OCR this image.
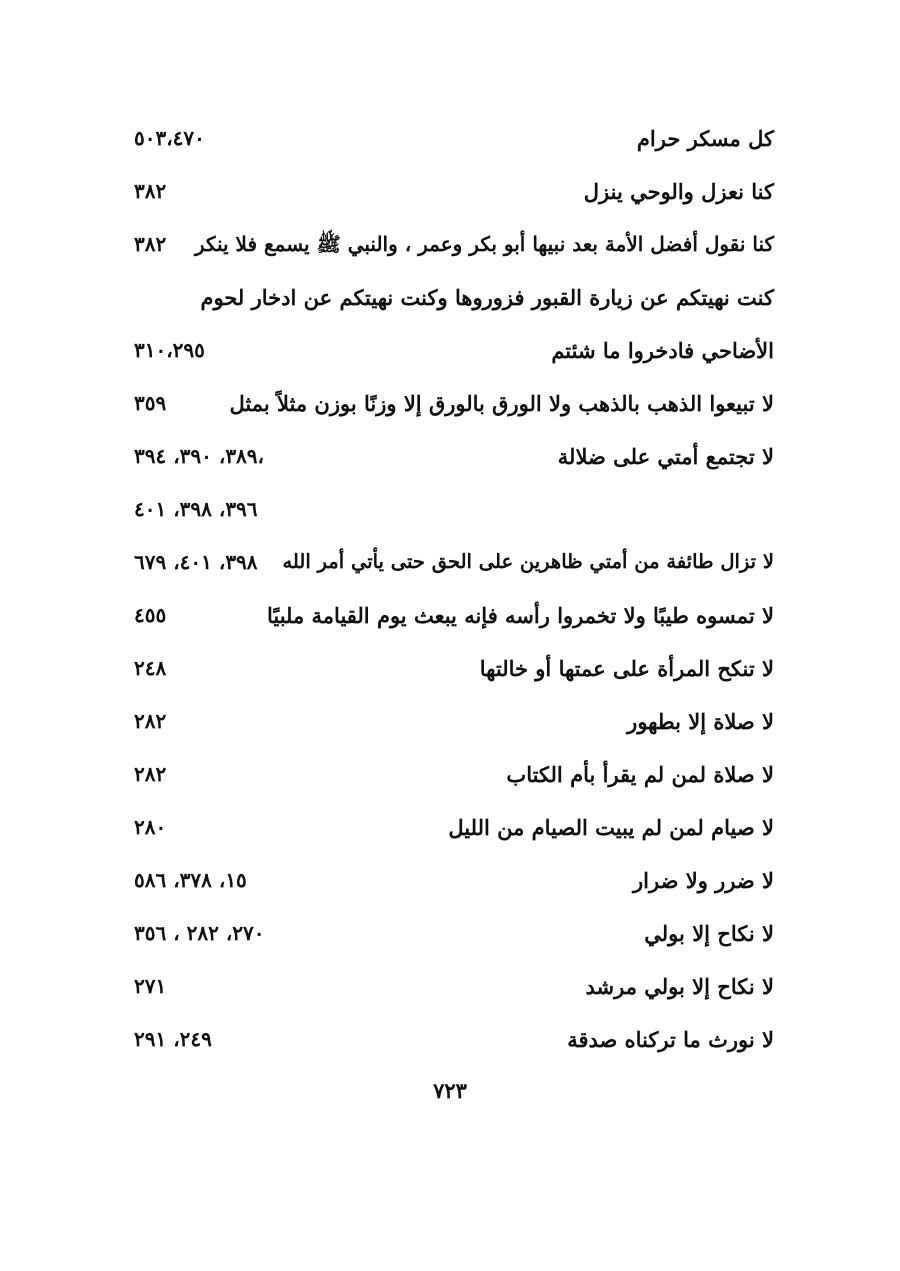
كل مسكر حرام
٥٠٣،٤٧٠
كنا نعزل والوحي ينزل
٣٨٢
كنا نقول أفضل الأمة بعد نبيها أبو بكر وعمر ، والنبي ﷺ يسمع فلا ينكر
٣٨٢
كنت نهيتكم عن زيارة القبور فزوروها وكنت نهيتكم عن ادخار لحوم
الأضاحي فادخروا ما شئتم
٣١٠،٢٩٥
لا تبيعوا الذهب بالذهب ولا الورق بالورق إلا وزنًا بوزن مثلاً بمثل
٣٥٩
لا تجتمع أمتي على ضلالة
٣٨٩، ٣٩٠، ٣٩٤،
٣٩٦، ٣٩٨، ٤٠١
لا تزال طائفة من أمتي ظاهرين على الحق حتى يأتي أمر الله
٣٩٨، ٤٠١، ٦٧٩
لا تمسوه طيبًا ولا تخمروا رأسه فإنه يبعث يوم القيامة ملبيًا
٤٥٥
لا تنكح المرأة على عمتها أو خالتها
٢٤٨
لا صلاة إلا بطهور
٢٨٢
لا صلاة لمن لم يقرأ بأم الكتاب
٢٨٢
لا صيام لمن لم يبيت الصيام من الليل
٢٨٠
لا ضرر ولا ضرار
١٥، ٣٧٨، ٥٨٦
لا نكاح إلا بولي
٢٧٠، ٢٨٢ ، ٣٥٦
لا نكاح إلا بولي مرشد
٢٧١
لا نورث ما تركناه صدقة
٢٤٩، ٢٩١
٧٢٣
